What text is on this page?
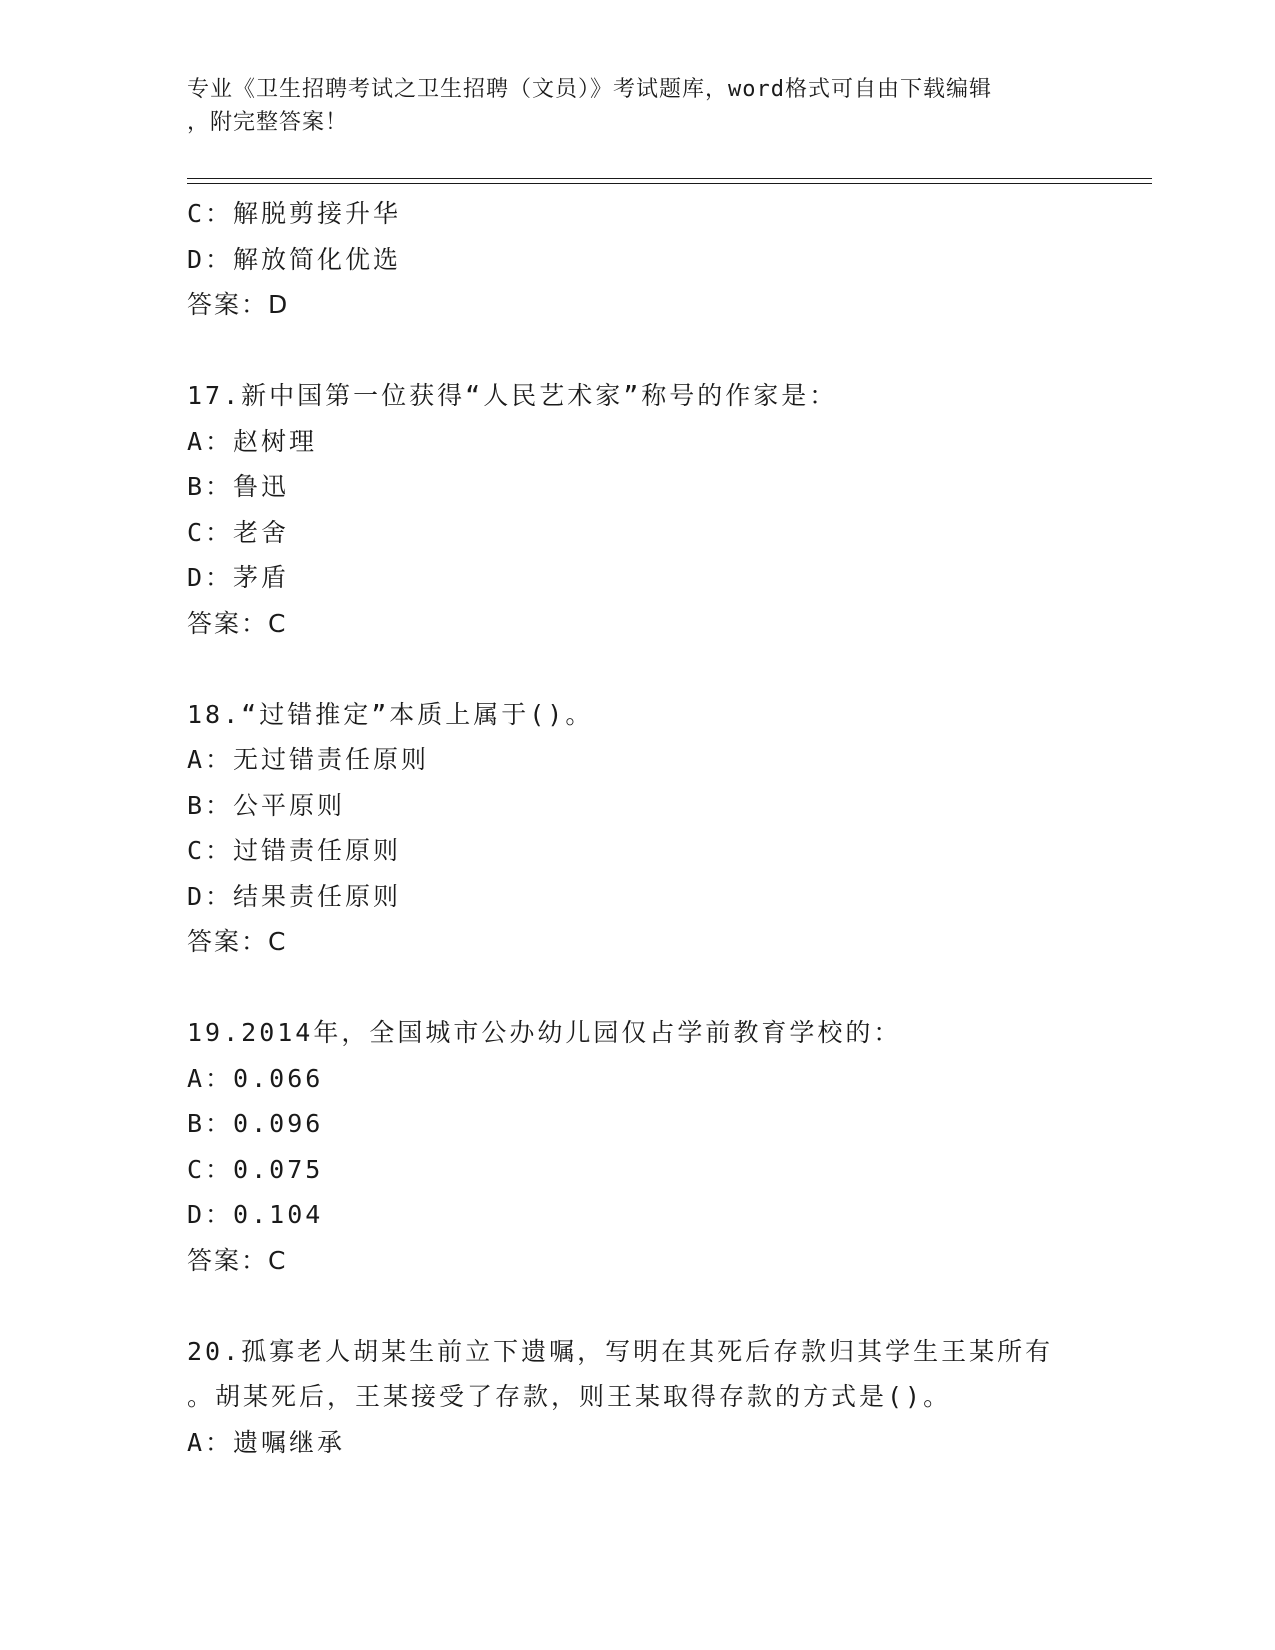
专业《卫生招聘考试之卫生招聘（文员）》考试题库，word格式可自由下载编辑
，附完整答案！
C：解脱剪接升华
D：解放简化优选
答案：D
17.新中国第一位获得“人民艺术家”称号的作家是：
A：赵树理
B：鲁迅
C：老舍
D：茅盾
答案：C
18.“过错推定”本质上属于()。
A：无过错责任原则
B：公平原则
C：过错责任原则
D：结果责任原则
答案：C
19.2014年，全国城市公办幼儿园仅占学前教育学校的：
A：0.066
B：0.096
C：0.075
D：0.104
答案：C
20.孤寡老人胡某生前立下遗嘱，写明在其死后存款归其学生王某所有
。胡某死后，王某接受了存款，则王某取得存款的方式是()。
A：遗嘱继承
